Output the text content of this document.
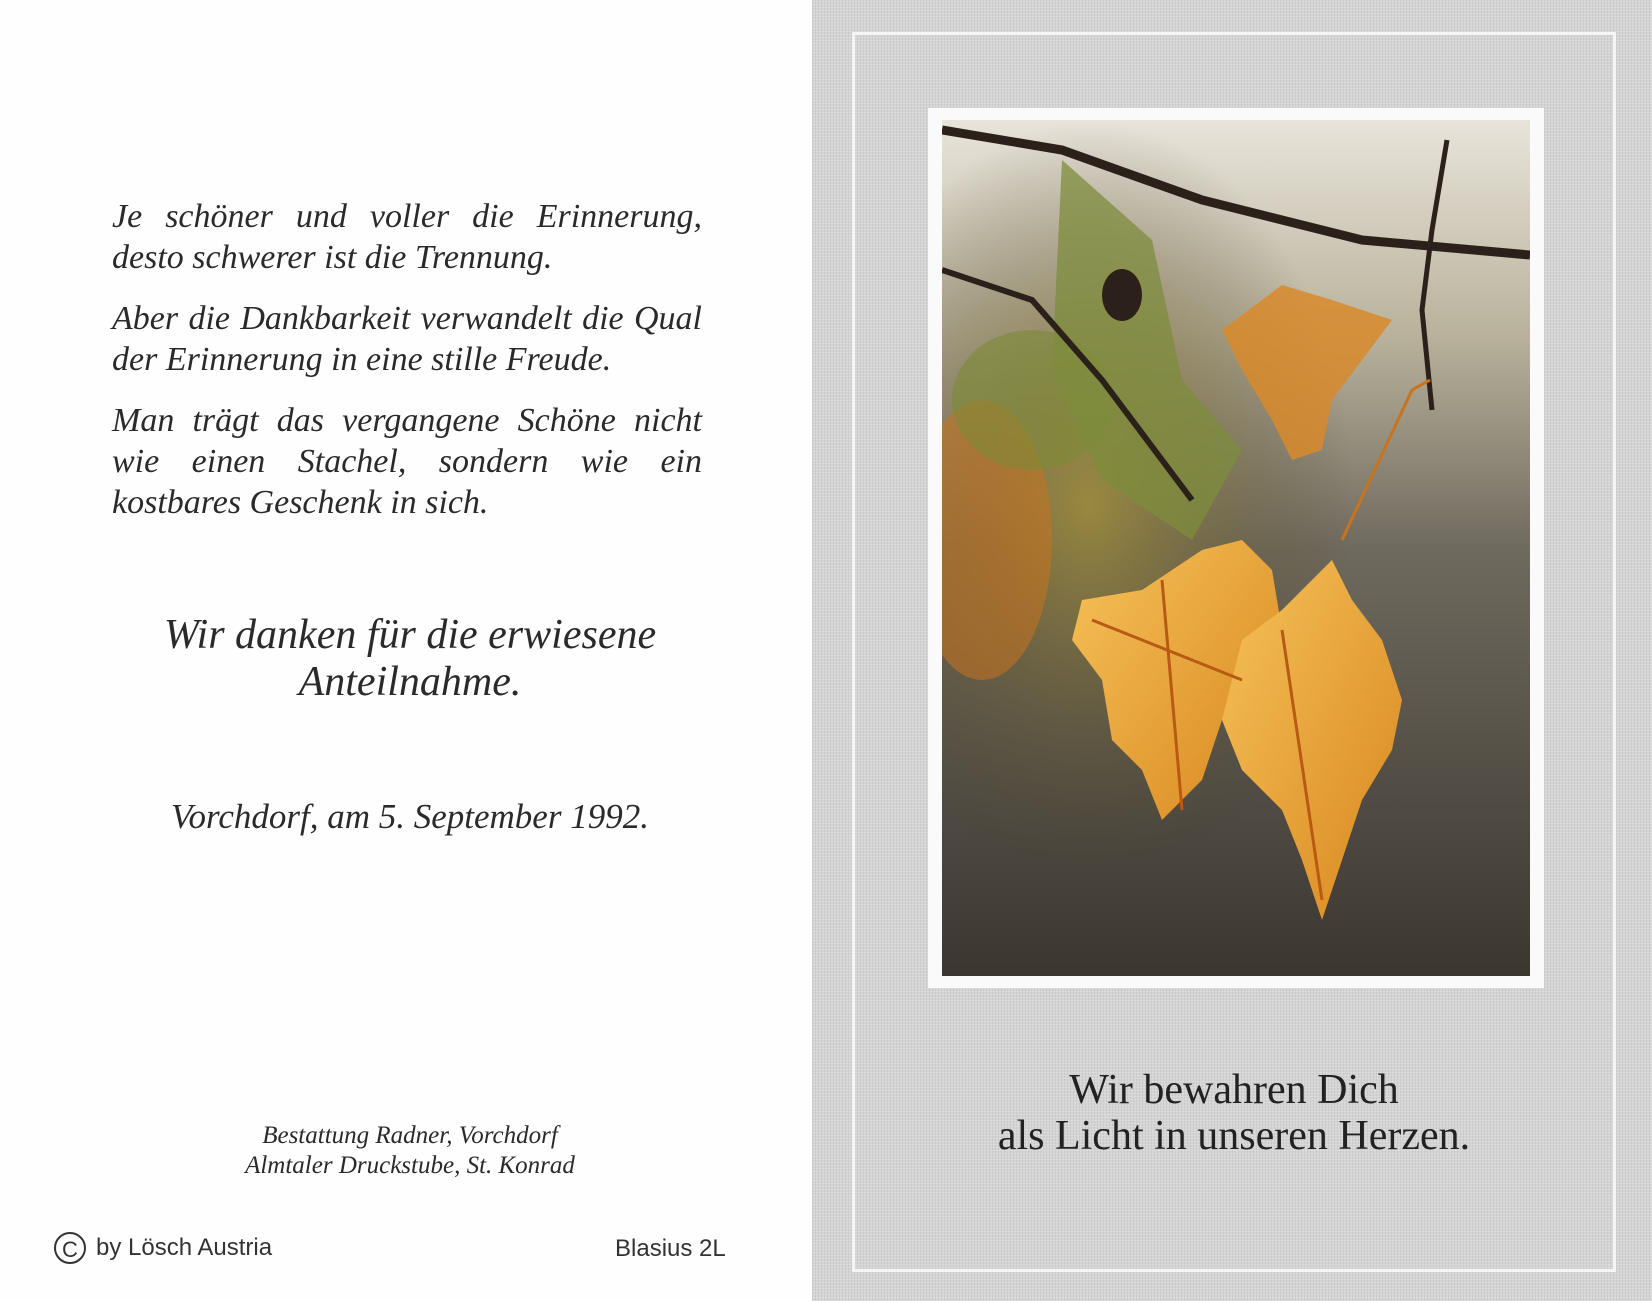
Je schöner und voller die Erinnerung, desto schwerer ist die Trennung.

Aber die Dankbarkeit verwandelt die Qual der Erinnerung in eine stille Freude.

Man trägt das vergangene Schöne nicht wie einen Stachel, sondern wie ein kostbares Geschenk in sich.

Wir danken für die erwiesene
Anteilnahme.
Vorchdorf, am 5. September 1992.
Bestattung Radner, Vorchdorf
Almtaler Druckstube, St. Konrad
C by Lösch Austria	Blasius 2L
Wir bewahren Dich
als Licht in unseren Herzen.
